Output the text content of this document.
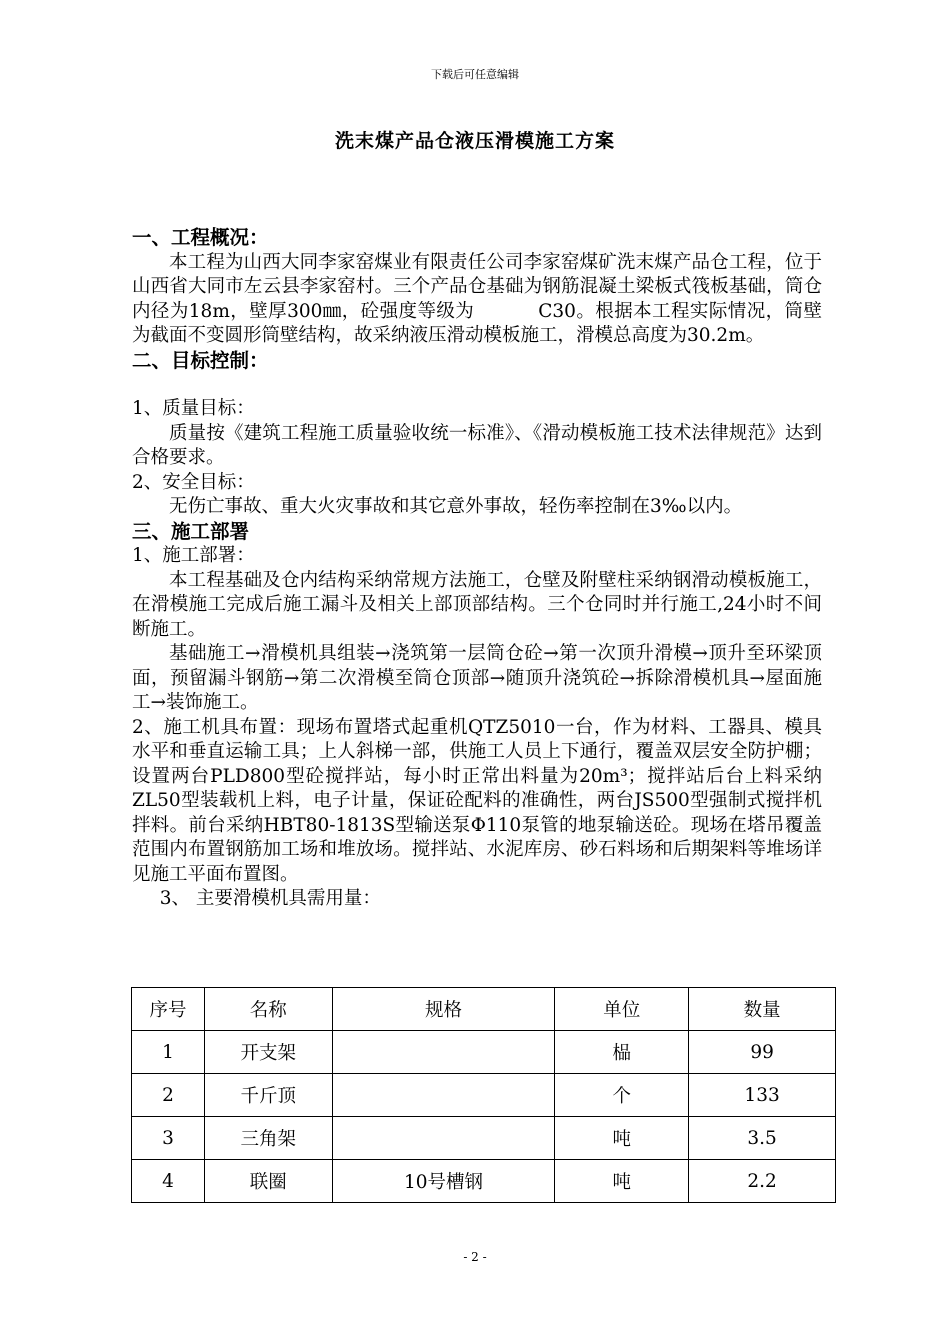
下载后可任意编辑
洗末煤产品仓液压滑模施工方案
一、工程概况：
本工程为山西大同李家窑煤业有限责任公司李家窑煤矿洗末煤产品仓工程，位于山西省大同市左云县李家窑村。三个产品仓基础为钢筋混凝土梁板式筏板基础，筒仓内径为18m，壁厚300㎜，砼强度等级为	C30。根据本工程实际情况，筒壁为截面不变圆形筒壁结构，故采纳液压滑动模板施工，滑模总高度为30.2m。
二、目标控制：
1、质量目标：
质量按《建筑工程施工质量验收统一标准》、《滑动模板施工技术法律规范》达到合格要求。
2、安全目标：
无伤亡事故、重大火灾事故和其它意外事故，轻伤率控制在3‰以内。
三、施工部署
1、施工部署：
本工程基础及仓内结构采纳常规方法施工，仓壁及附壁柱采纳钢滑动模板施工，在滑模施工完成后施工漏斗及相关上部顶部结构。三个仓同时并行施工,24小时不间断施工。
基础施工→滑模机具组装→浇筑第一层筒仓砼→第一次顶升滑模→顶升至环梁顶面，预留漏斗钢筋→第二次滑模至筒仓顶部→随顶升浇筑砼→拆除滑模机具→屋面施工→装饰施工。
2、施工机具布置：现场布置塔式起重机QTZ5010一台，作为材料、工器具、模具水平和垂直运输工具；上人斜梯一部，供施工人员上下通行，覆盖双层安全防护棚；设置两台PLD800型砼搅拌站，每小时正常出料量为20m³；搅拌站后台上料采纳ZL50型装载机上料，电子计量，保证砼配料的准确性，两台JS500型强制式搅拌机拌料。前台采纳HBT80-1813S型输送泵Φ110泵管的地泵输送砼。现场在塔吊覆盖范围内布置钢筋加工场和堆放场。搅拌站、水泥库房、砂石料场和后期架料等堆场详见施工平面布置图。
3、 主要滑模机具需用量：
序号	名称	规格	单位	数量
1	开支架		榀	99
2	千斤顶		个	133
3	三角架		吨	3.5
4	联圈	10号槽钢	吨	2.2
- 2 -
